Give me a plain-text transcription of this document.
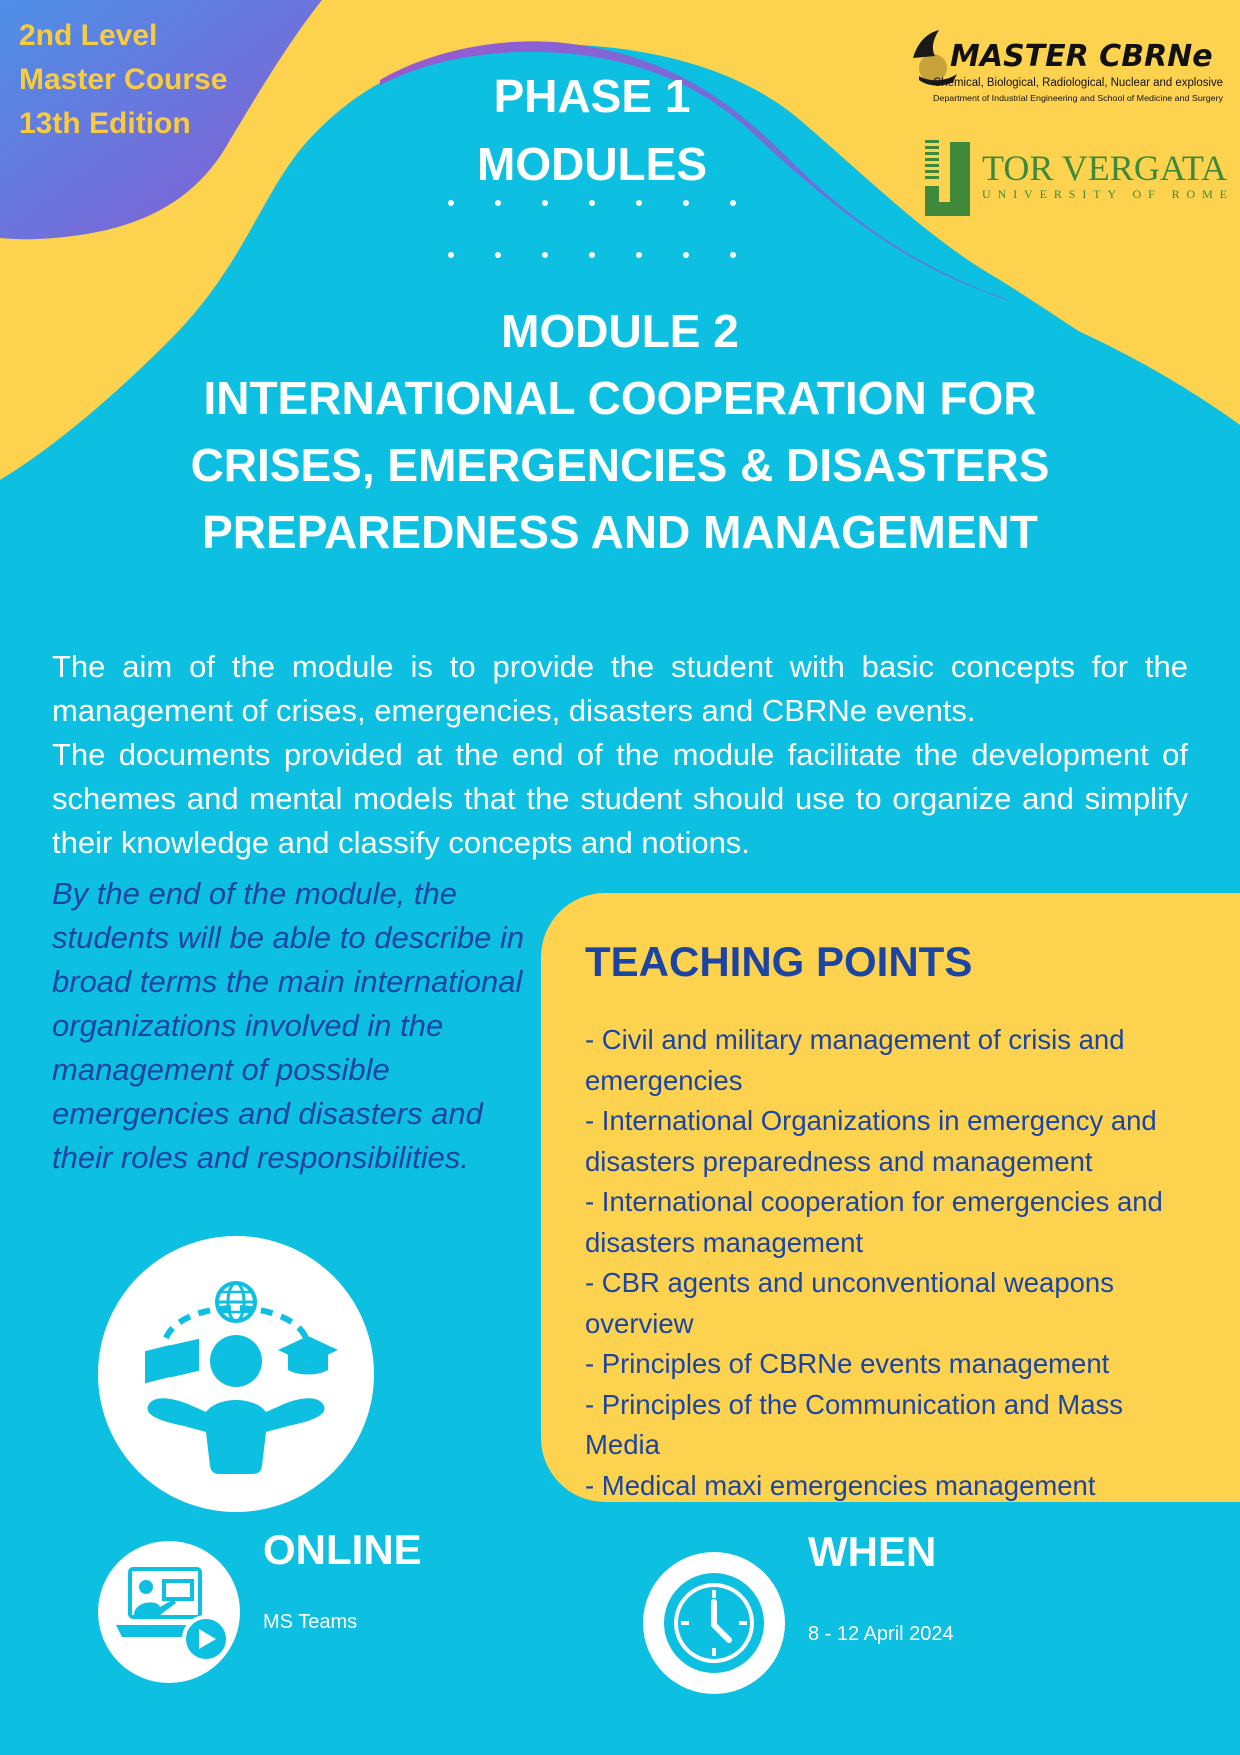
2nd Level
Master Course
13th Edition
PHASE 1
MODULES
MASTER CBRNe
Chemical, Biological, Radiological, Nuclear and explosive
Department of Industrial Engineering and School of Medicine and Surgery
TOR VERGATA
UNIVERSITY OF ROME
MODULE 2
INTERNATIONAL COOPERATION FOR
CRISES, EMERGENCIES & DISASTERS
PREPAREDNESS AND MANAGEMENT

The aim of the module is to provide the student with basic concepts for the management of crises, emergencies, disasters and CBRNe events.

The documents provided at the end of the module facilitate the development of schemes and mental models that the student should use to organize and simplify their knowledge and classify concepts and notions.

By the end of the module, the students will be able to describe in broad terms the main international organizations involved in the management of possible emergencies and disasters and their roles and responsibilities.
TEACHING POINTS
- Civil and military management of crisis and emergencies
- International Organizations in emergency and disasters preparedness and management
- International cooperation for emergencies and disasters management
- CBR agents and unconventional weapons overview
- Principles of CBRNe events management
- Principles of the Communication and Mass Media
- Medical maxi emergencies management
ONLINE
MS Teams
WHEN
8 - 12 April 2024
